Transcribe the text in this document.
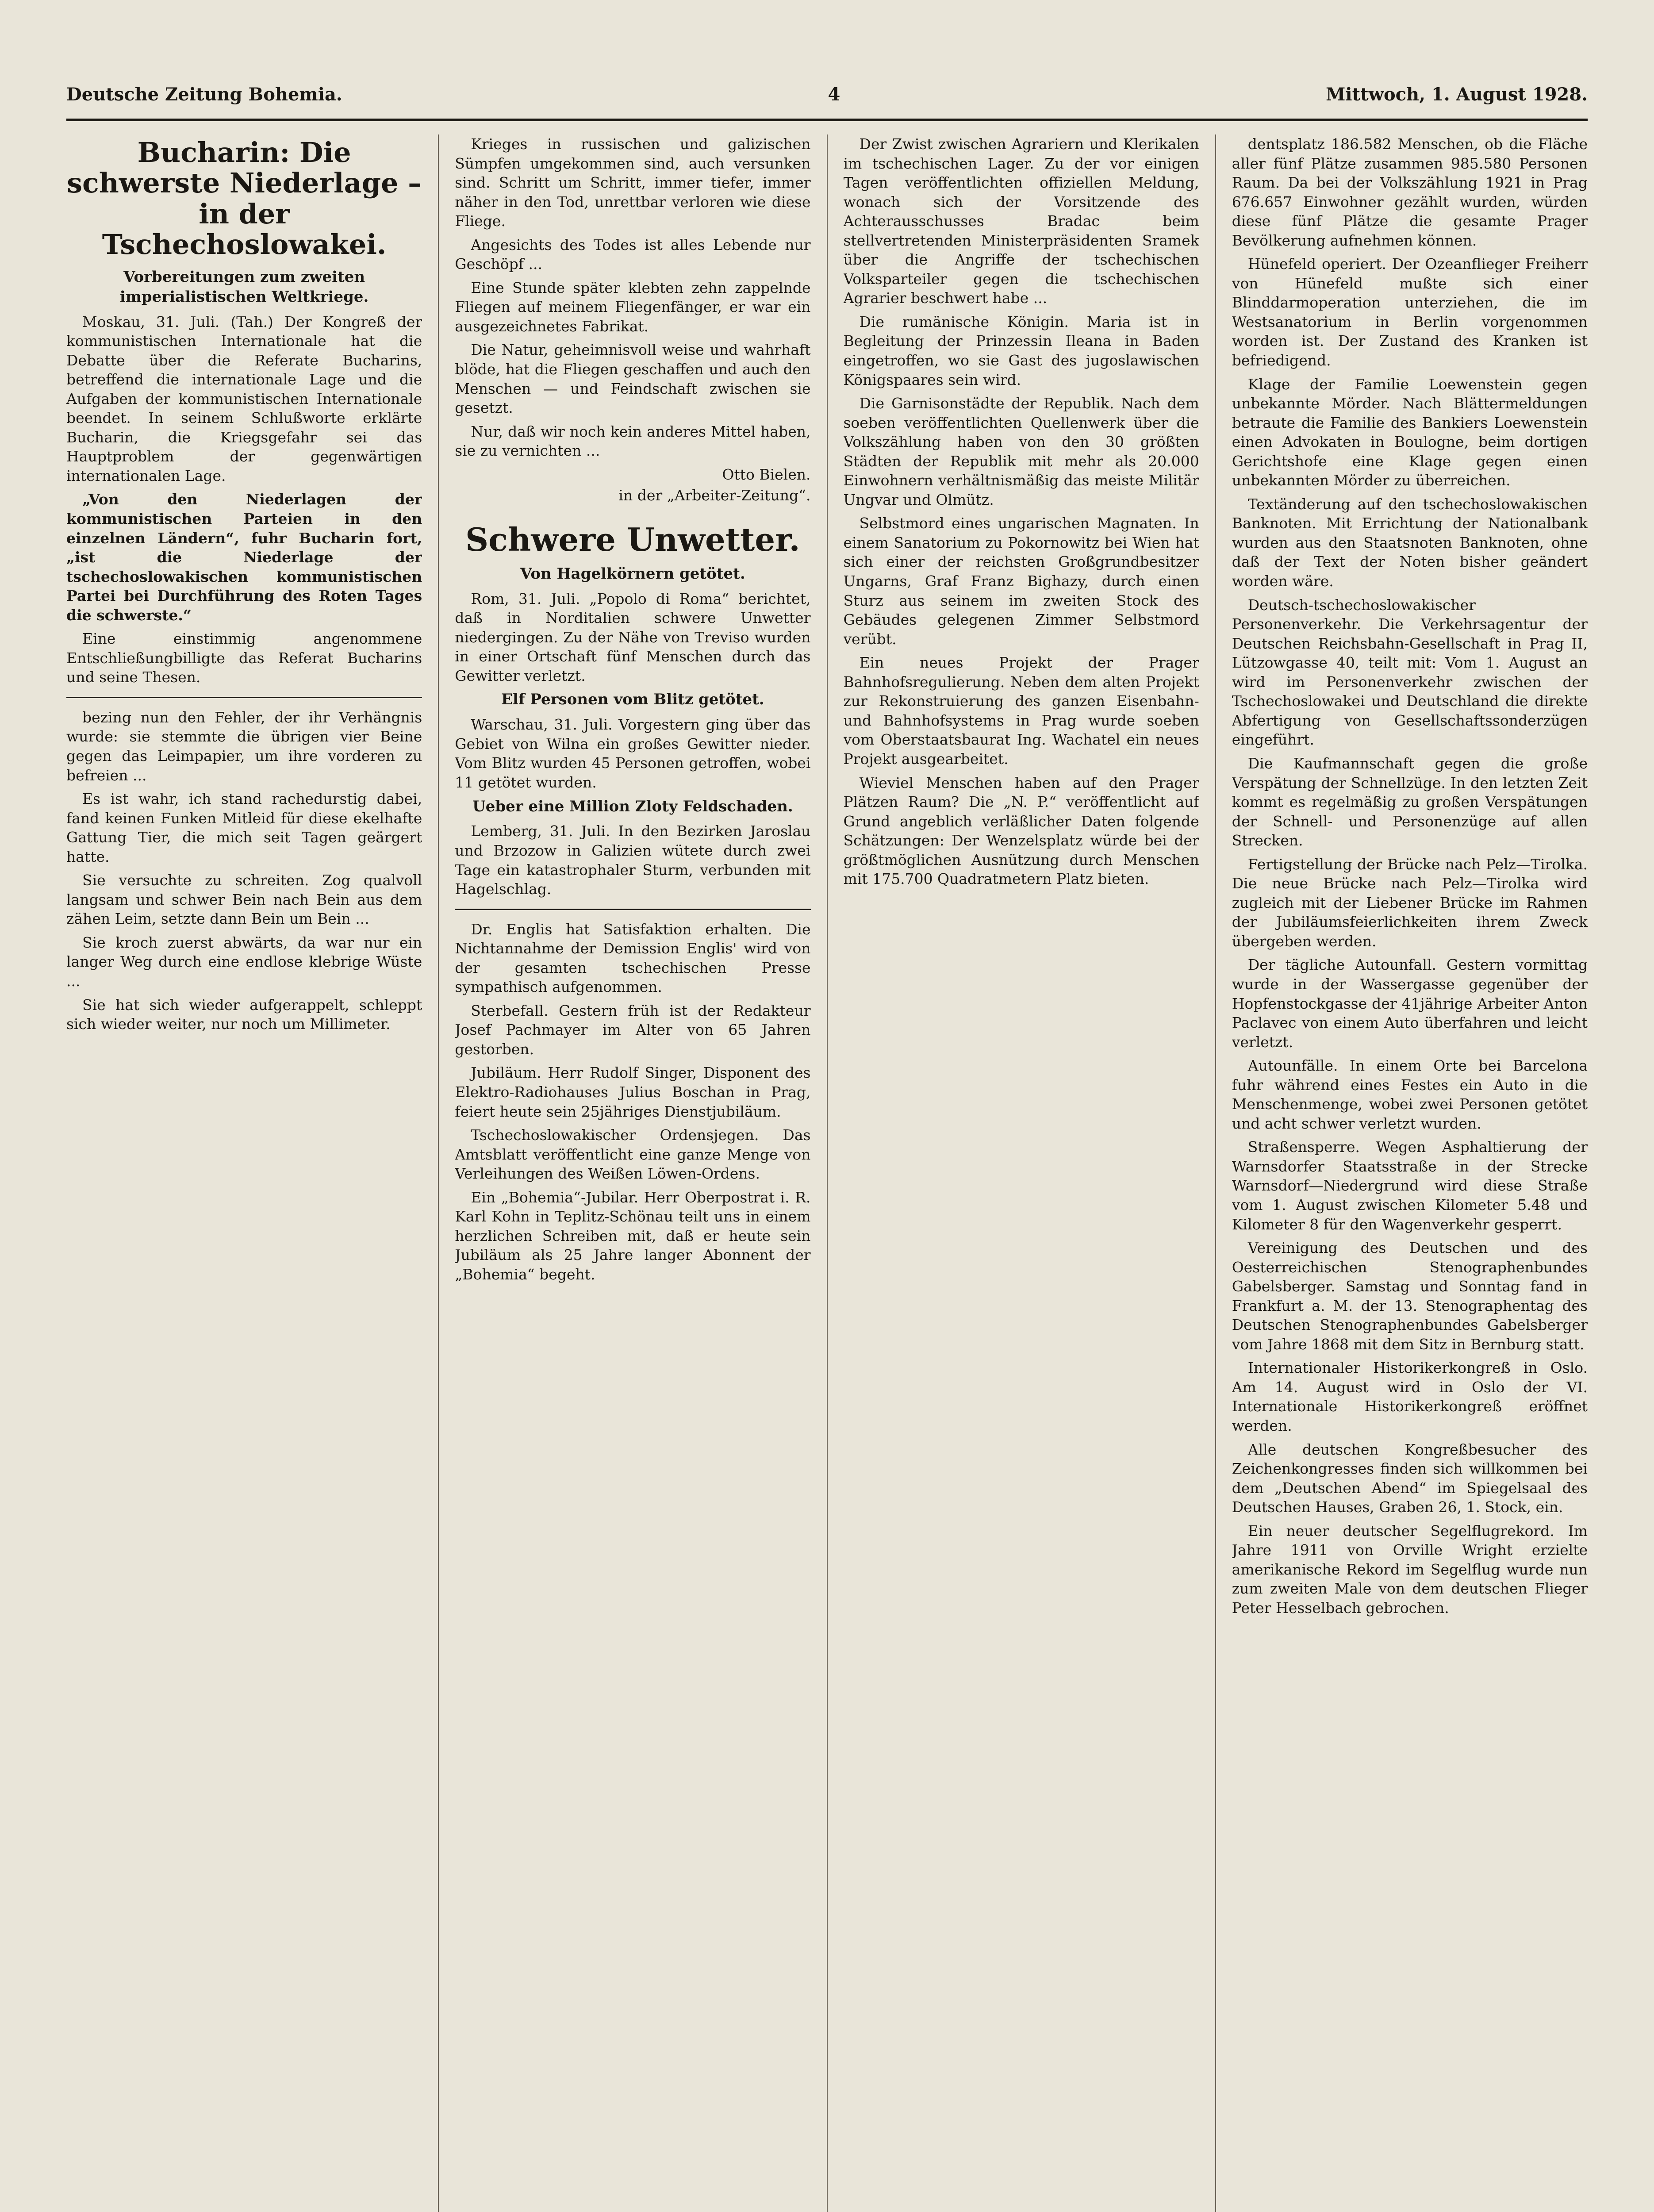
Deutsche Zeitung Bohemia.	4	Mittwoch, 1. August 1928.
Bucharin: Die schwerste Niederlage – in der Tschechoslowakei.
Vorbereitungen zum zweiten imperialistischen Weltkriege.

Moskau, 31. Juli. (Tah.) Der Kongreß der kommunistischen Internationale hat die Debatte über die Referate Bucharins, betreffend die internationale Lage und die Aufgaben der kommunistischen Internationale beendet. In seinem Schlußworte erklärte Bucharin, die Kriegsgefahr sei das Hauptproblem der gegenwärtigen internationalen Lage.

„Von den Niederlagen der kommunistischen Parteien in den einzelnen Ländern“, fuhr Bucharin fort, „ist die Niederlage der tschechoslowakischen kommunistischen Partei bei Durchführung des Roten Tages die schwerste.“

Eine einstimmig angenommene Entschließungbilligte das Referat Bucharins und seine Thesen.

bezing nun den Fehler, der ihr Verhängnis wurde: sie stemmte die übrigen vier Beine gegen das Leimpapier, um ihre vorderen zu befreien ...

Es ist wahr, ich stand rachedurstig dabei, fand keinen Funken Mitleid für diese ekelhafte Gattung Tier, die mich seit Tagen geärgert hatte.

Sie versuchte zu schreiten. Zog qualvoll langsam und schwer Bein nach Bein aus dem zähen Leim, setzte dann Bein um Bein ...

Sie kroch zuerst abwärts, da war nur ein langer Weg durch eine endlose klebrige Wüste ...

Sie hat sich wieder aufgerappelt, schleppt sich wieder weiter, nur noch um Millimeter.

Krieges in russischen und galizischen Sümpfen umgekommen sind, auch versunken sind. Schritt um Schritt, immer tiefer, immer näher in den Tod, unrettbar verloren wie diese Fliege.

Angesichts des Todes ist alles Lebende nur Geschöpf ...

Eine Stunde später klebten zehn zappelnde Fliegen auf meinem Fliegenfänger, er war ein ausgezeichnetes Fabrikat.

Die Natur, geheimnisvoll weise und wahrhaft blöde, hat die Fliegen geschaffen und auch den Menschen — und Feindschaft zwischen sie gesetzt.

Nur, daß wir noch kein anderes Mittel haben, sie zu vernichten ...

Otto Bielen.
in der „Arbeiter-Zeitung“.
Schwere Unwetter.
Von Hagelkörnern getötet.

Rom, 31. Juli. „Popolo di Roma“ berichtet, daß in Norditalien schwere Unwetter niedergingen. Zu der Nähe von Treviso wurden in einer Ortschaft fünf Menschen durch das Gewitter verletzt.

Elf Personen vom Blitz getötet.

Warschau, 31. Juli. Vorgestern ging über das Gebiet von Wilna ein großes Gewitter nieder. Vom Blitz wurden 45 Personen getroffen, wobei 11 getötet wurden.

Ueber eine Million Zloty Feldschaden.

Lemberg, 31. Juli. In den Bezirken Jaroslau und Brzozow in Galizien wütete durch zwei Tage ein katastrophaler Sturm, verbunden mit Hagelschlag.

Dr. Englis hat Satisfaktion erhalten. Die Nichtannahme der Demission Englis' wird von der gesamten tschechischen Presse sympathisch aufgenommen.

Sterbefall. Gestern früh ist der Redakteur Josef Pachmayer im Alter von 65 Jahren gestorben.

Jubiläum. Herr Rudolf Singer, Disponent des Elektro-Radiohauses Julius Boschan in Prag, feiert heute sein 25jähriges Dienstjubiläum.

Tschechoslowakischer Ordensjegen. Das Amtsblatt veröffentlicht eine ganze Menge von Verleihungen des Weißen Löwen-Ordens.

Ein „Bohemia“-Jubilar. Herr Oberpostrat i. R. Karl Kohn in Teplitz-Schönau teilt uns in einem herzlichen Schreiben mit, daß er heute sein Jubiläum als 25 Jahre langer Abonnent der „Bohemia“ begeht.

Der Zwist zwischen Agrariern und Klerikalen im tschechischen Lager. Zu der vor einigen Tagen veröffentlichten offiziellen Meldung, wonach sich der Vorsitzende des Achterausschusses Bradac beim stellvertretenden Ministerpräsidenten Sramek über die Angriffe der tschechischen Volksparteiler gegen die tschechischen Agrarier beschwert habe ...

Die rumänische Königin. Maria ist in Begleitung der Prinzessin Ileana in Baden eingetroffen, wo sie Gast des jugoslawischen Königspaares sein wird.

Die Garnisonstädte der Republik. Nach dem soeben veröffentlichten Quellenwerk über die Volkszählung haben von den 30 größten Städten der Republik mit mehr als 20.000 Einwohnern verhältnismäßig das meiste Militär Ungvar und Olmütz.

Selbstmord eines ungarischen Magnaten. In einem Sanatorium zu Pokornowitz bei Wien hat sich einer der reichsten Großgrundbesitzer Ungarns, Graf Franz Bighazy, durch einen Sturz aus seinem im zweiten Stock des Gebäudes gelegenen Zimmer Selbstmord verübt.

Ein neues Projekt der Prager Bahnhofsregulierung. Neben dem alten Projekt zur Rekonstruierung des ganzen Eisenbahn- und Bahnhofsystems in Prag wurde soeben vom Oberstaatsbaurat Ing. Wachatel ein neues Projekt ausgearbeitet.

Wieviel Menschen haben auf den Prager Plätzen Raum? Die „N. P.“ veröffentlicht auf Grund angeblich verläßlicher Daten folgende Schätzungen: Der Wenzelsplatz würde bei der größtmöglichen Ausnützung durch Menschen mit 175.700 Quadratmetern Platz bieten.

dentsplatz 186.582 Menschen, ob die Fläche aller fünf Plätze zusammen 985.580 Personen Raum. Da bei der Volkszählung 1921 in Prag 676.657 Einwohner gezählt wurden, würden diese fünf Plätze die gesamte Prager Bevölkerung aufnehmen können.

Hünefeld operiert. Der Ozeanflieger Freiherr von Hünefeld mußte sich einer Blinddarmoperation unterziehen, die im Westsanatorium in Berlin vorgenommen worden ist. Der Zustand des Kranken ist befriedigend.

Klage der Familie Loewenstein gegen unbekannte Mörder. Nach Blättermeldungen betraute die Familie des Bankiers Loewenstein einen Advokaten in Boulogne, beim dortigen Gerichtshofe eine Klage gegen einen unbekannten Mörder zu überreichen.

Textänderung auf den tschechoslowakischen Banknoten. Mit Errichtung der Nationalbank wurden aus den Staatsnoten Banknoten, ohne daß der Text der Noten bisher geändert worden wäre.

Deutsch-tschechoslowakischer Personenverkehr. Die Verkehrsagentur der Deutschen Reichsbahn-Gesellschaft in Prag II, Lützowgasse 40, teilt mit: Vom 1. August an wird im Personenverkehr zwischen der Tschechoslowakei und Deutschland die direkte Abfertigung von Gesellschaftssonderzügen eingeführt.

Die Kaufmannschaft gegen die große Verspätung der Schnellzüge. In den letzten Zeit kommt es regelmäßig zu großen Verspätungen der Schnell- und Personenzüge auf allen Strecken.

Fertigstellung der Brücke nach Pelz—Tirolka. Die neue Brücke nach Pelz—Tirolka wird zugleich mit der Liebener Brücke im Rahmen der Jubiläumsfeierlichkeiten ihrem Zweck übergeben werden.

Der tägliche Autounfall. Gestern vormittag wurde in der Wassergasse gegenüber der Hopfenstockgasse der 41jährige Arbeiter Anton Paclavec von einem Auto überfahren und leicht verletzt.

Autounfälle. In einem Orte bei Barcelona fuhr während eines Festes ein Auto in die Menschenmenge, wobei zwei Personen getötet und acht schwer verletzt wurden.

Straßensperre. Wegen Asphaltierung der Warnsdorfer Staatsstraße in der Strecke Warnsdorf—Niedergrund wird diese Straße vom 1. August zwischen Kilometer 5.48 und Kilometer 8 für den Wagenverkehr gesperrt.

Vereinigung des Deutschen und des Oesterreichischen Stenographenbundes Gabelsberger. Samstag und Sonntag fand in Frankfurt a. M. der 13. Stenographentag des Deutschen Stenographenbundes Gabelsberger vom Jahre 1868 mit dem Sitz in Bernburg statt.

Internationaler Historikerkongreß in Oslo. Am 14. August wird in Oslo der VI. Internationale Historikerkongreß eröffnet werden.

Alle deutschen Kongreßbesucher des Zeichenkongresses finden sich willkommen bei dem „Deutschen Abend“ im Spiegelsaal des Deutschen Hauses, Graben 26, 1. Stock, ein.

Ein neuer deutscher Segelflugrekord. Im Jahre 1911 von Orville Wright erzielte amerikanische Rekord im Segelflug wurde nun zum zweiten Male von dem deutschen Flieger Peter Hesselbach gebrochen.
